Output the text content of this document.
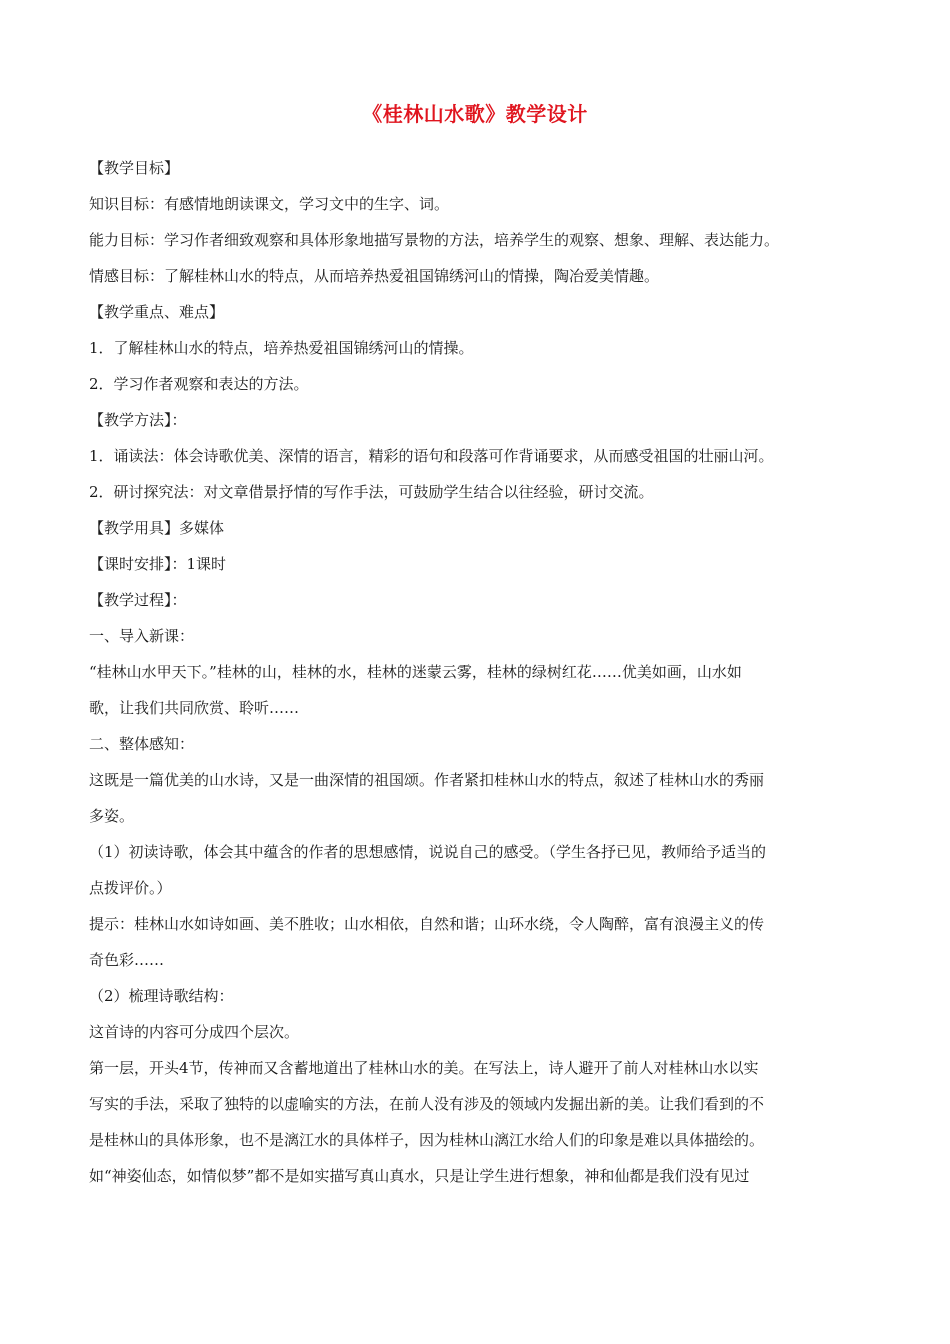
《桂林山水歌》教学设计
【教学目标】
知识目标：有感情地朗读课文，学习文中的生字、词。
能力目标：学习作者细致观察和具体形象地描写景物的方法，培养学生的观察、想象、理解、表达能力。
情感目标：了解桂林山水的特点，从而培养热爱祖国锦绣河山的情操，陶冶爱美情趣。
【教学重点、难点】
1．了解桂林山水的特点，培养热爱祖国锦绣河山的情操。
2．学习作者观察和表达的方法。
【教学方法】：
1．诵读法：体会诗歌优美、深情的语言，精彩的语句和段落可作背诵要求，从而感受祖国的壮丽山河。
2．研讨探究法：对文章借景抒情的写作手法，可鼓励学生结合以往经验，研讨交流。
【教学用具】多媒体
【课时安排】：1课时
【教学过程】：
一、导入新课：
“桂林山水甲天下。”桂林的山，桂林的水，桂林的迷蒙云雾，桂林的绿树红花……优美如画，山水如
歌，让我们共同欣赏、聆听……
二、整体感知：
这既是一篇优美的山水诗，又是一曲深情的祖国颂。作者紧扣桂林山水的特点，叙述了桂林山水的秀丽
多姿。
（1）初读诗歌，体会其中蕴含的作者的思想感情，说说自己的感受。（学生各抒已见，教师给予适当的
点拨评价。）
提示：桂林山水如诗如画、美不胜收；山水相依，自然和谐；山环水绕，令人陶醉，富有浪漫主义的传
奇色彩……
（2）梳理诗歌结构：
这首诗的内容可分成四个层次。
第一层，开头4节，传神而又含蓄地道出了桂林山水的美。在写法上，诗人避开了前人对桂林山水以实
写实的手法，采取了独特的以虚喻实的方法，在前人没有涉及的领域内发掘出新的美。让我们看到的不
是桂林山的具体形象，也不是漓江水的具体样子，因为桂林山漓江水给人们的印象是难以具体描绘的。
如“神姿仙态，如情似梦”都不是如实描写真山真水，只是让学生进行想象，神和仙都是我们没有见过
